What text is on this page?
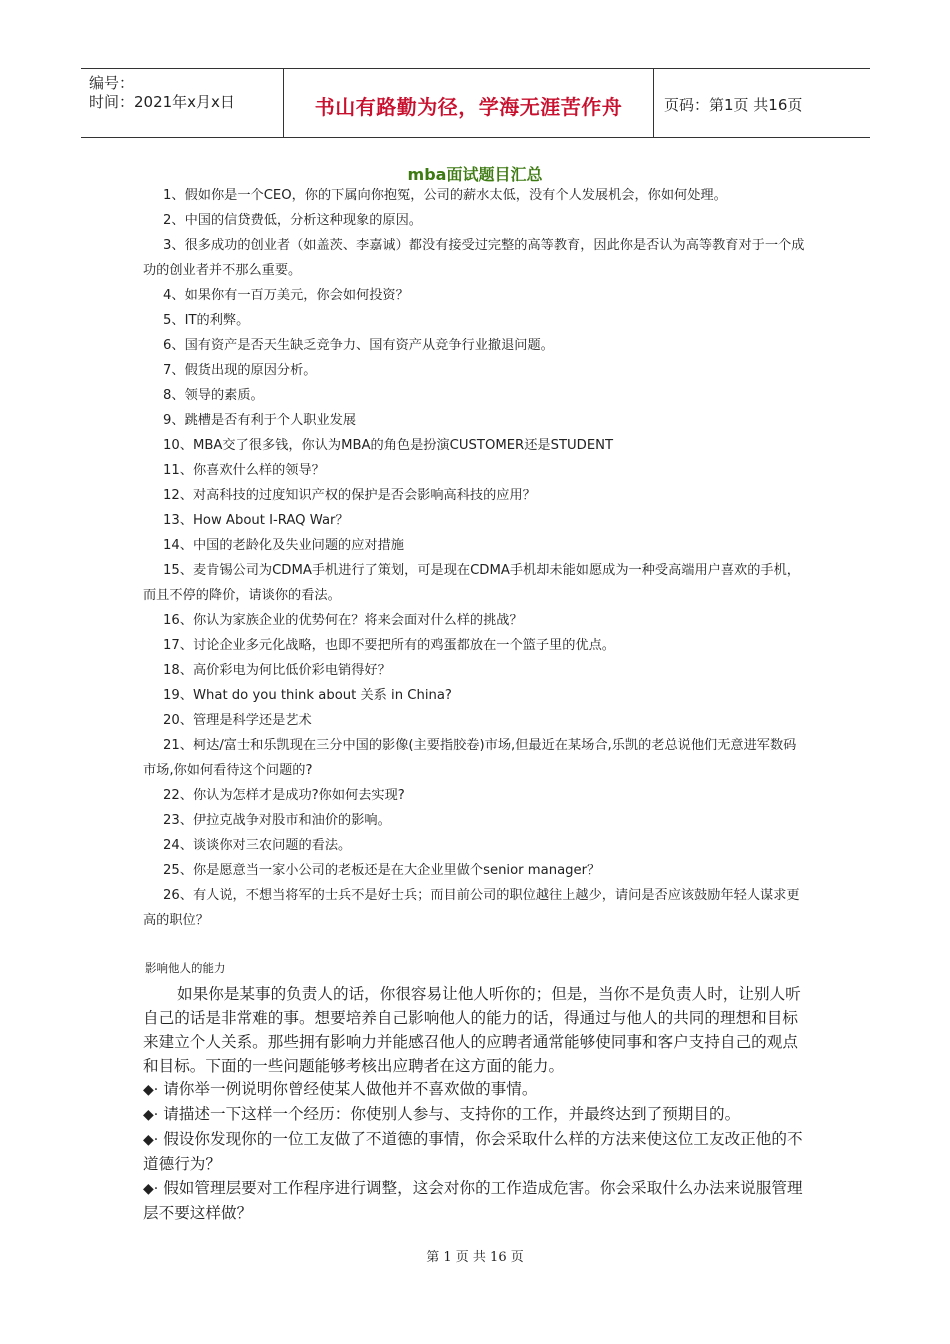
编号：
时间：2021年x月x日	书山有路勤为径，学海无涯苦作舟	页码：第1页 共16页
mba面试题目汇总
1、假如你是一个CEO，你的下属向你抱冤，公司的薪水太低，没有个人发展机会，你如何处理。
2、中国的信贷费低，分析这种现象的原因。
3、很多成功的创业者（如盖茨、李嘉诚）都没有接受过完整的高等教育，因此你是否认为高等教育对于一个成功的创业者并不那么重要。
4、如果你有一百万美元，你会如何投资？
5、IT的利弊。
6、国有资产是否天生缺乏竞争力、国有资产从竞争行业撤退问题。
7、假货出现的原因分析。
8、领导的素质。
9、跳槽是否有利于个人职业发展
10、MBA交了很多钱，你认为MBA的角色是扮演CUSTOMER还是STUDENT
11、你喜欢什么样的领导？
12、对高科技的过度知识产权的保护是否会影响高科技的应用？
13、How About I-RAQ War？
14、中国的老龄化及失业问题的应对措施
15、麦肯锡公司为CDMA手机进行了策划，可是现在CDMA手机却未能如愿成为一种受高端用户喜欢的手机，而且不停的降价，请谈你的看法。
16、你认为家族企业的优势何在？将来会面对什么样的挑战？
17、讨论企业多元化战略，也即不要把所有的鸡蛋都放在一个篮子里的优点。
18、高价彩电为何比低价彩电销得好？
19、What do you think about 关系 in China?
20、管理是科学还是艺术
21、柯达/富士和乐凯现在三分中国的影像(主要指胶卷)市场,但最近在某场合,乐凯的老总说他们无意进军数码市场,你如何看待这个问题的?
22、你认为怎样才是成功?你如何去实现?
23、伊拉克战争对股市和油价的影响。
24、谈谈你对三农问题的看法。
25、你是愿意当一家小公司的老板还是在大企业里做个senior manager？
26、有人说，不想当将军的士兵不是好士兵；而目前公司的职位越往上越少，请问是否应该鼓励年轻人谋求更高的职位？
影响他人的能力
如果你是某事的负责人的话，你很容易让他人听你的；但是，当你不是负责人时，让别人听自己的话是非常难的事。想要培养自己影响他人的能力的话，得通过与他人的共同的理想和目标来建立个人关系。那些拥有影响力并能感召他人的应聘者通常能够使同事和客户支持自己的观点和目标。下面的一些问题能够考核出应聘者在这方面的能力。

◆· 请你举一例说明你曾经使某人做他并不喜欢做的事情。

◆· 请描述一下这样一个经历：你使别人参与、支持你的工作，并最终达到了预期目的。

◆· 假设你发现你的一位工友做了不道德的事情，你会采取什么样的方法来使这位工友改正他的不道德行为？

◆· 假如管理层要对工作程序进行调整，这会对你的工作造成危害。你会采取什么办法来说服管理层不要这样做？

第 1 页 共 16 页
